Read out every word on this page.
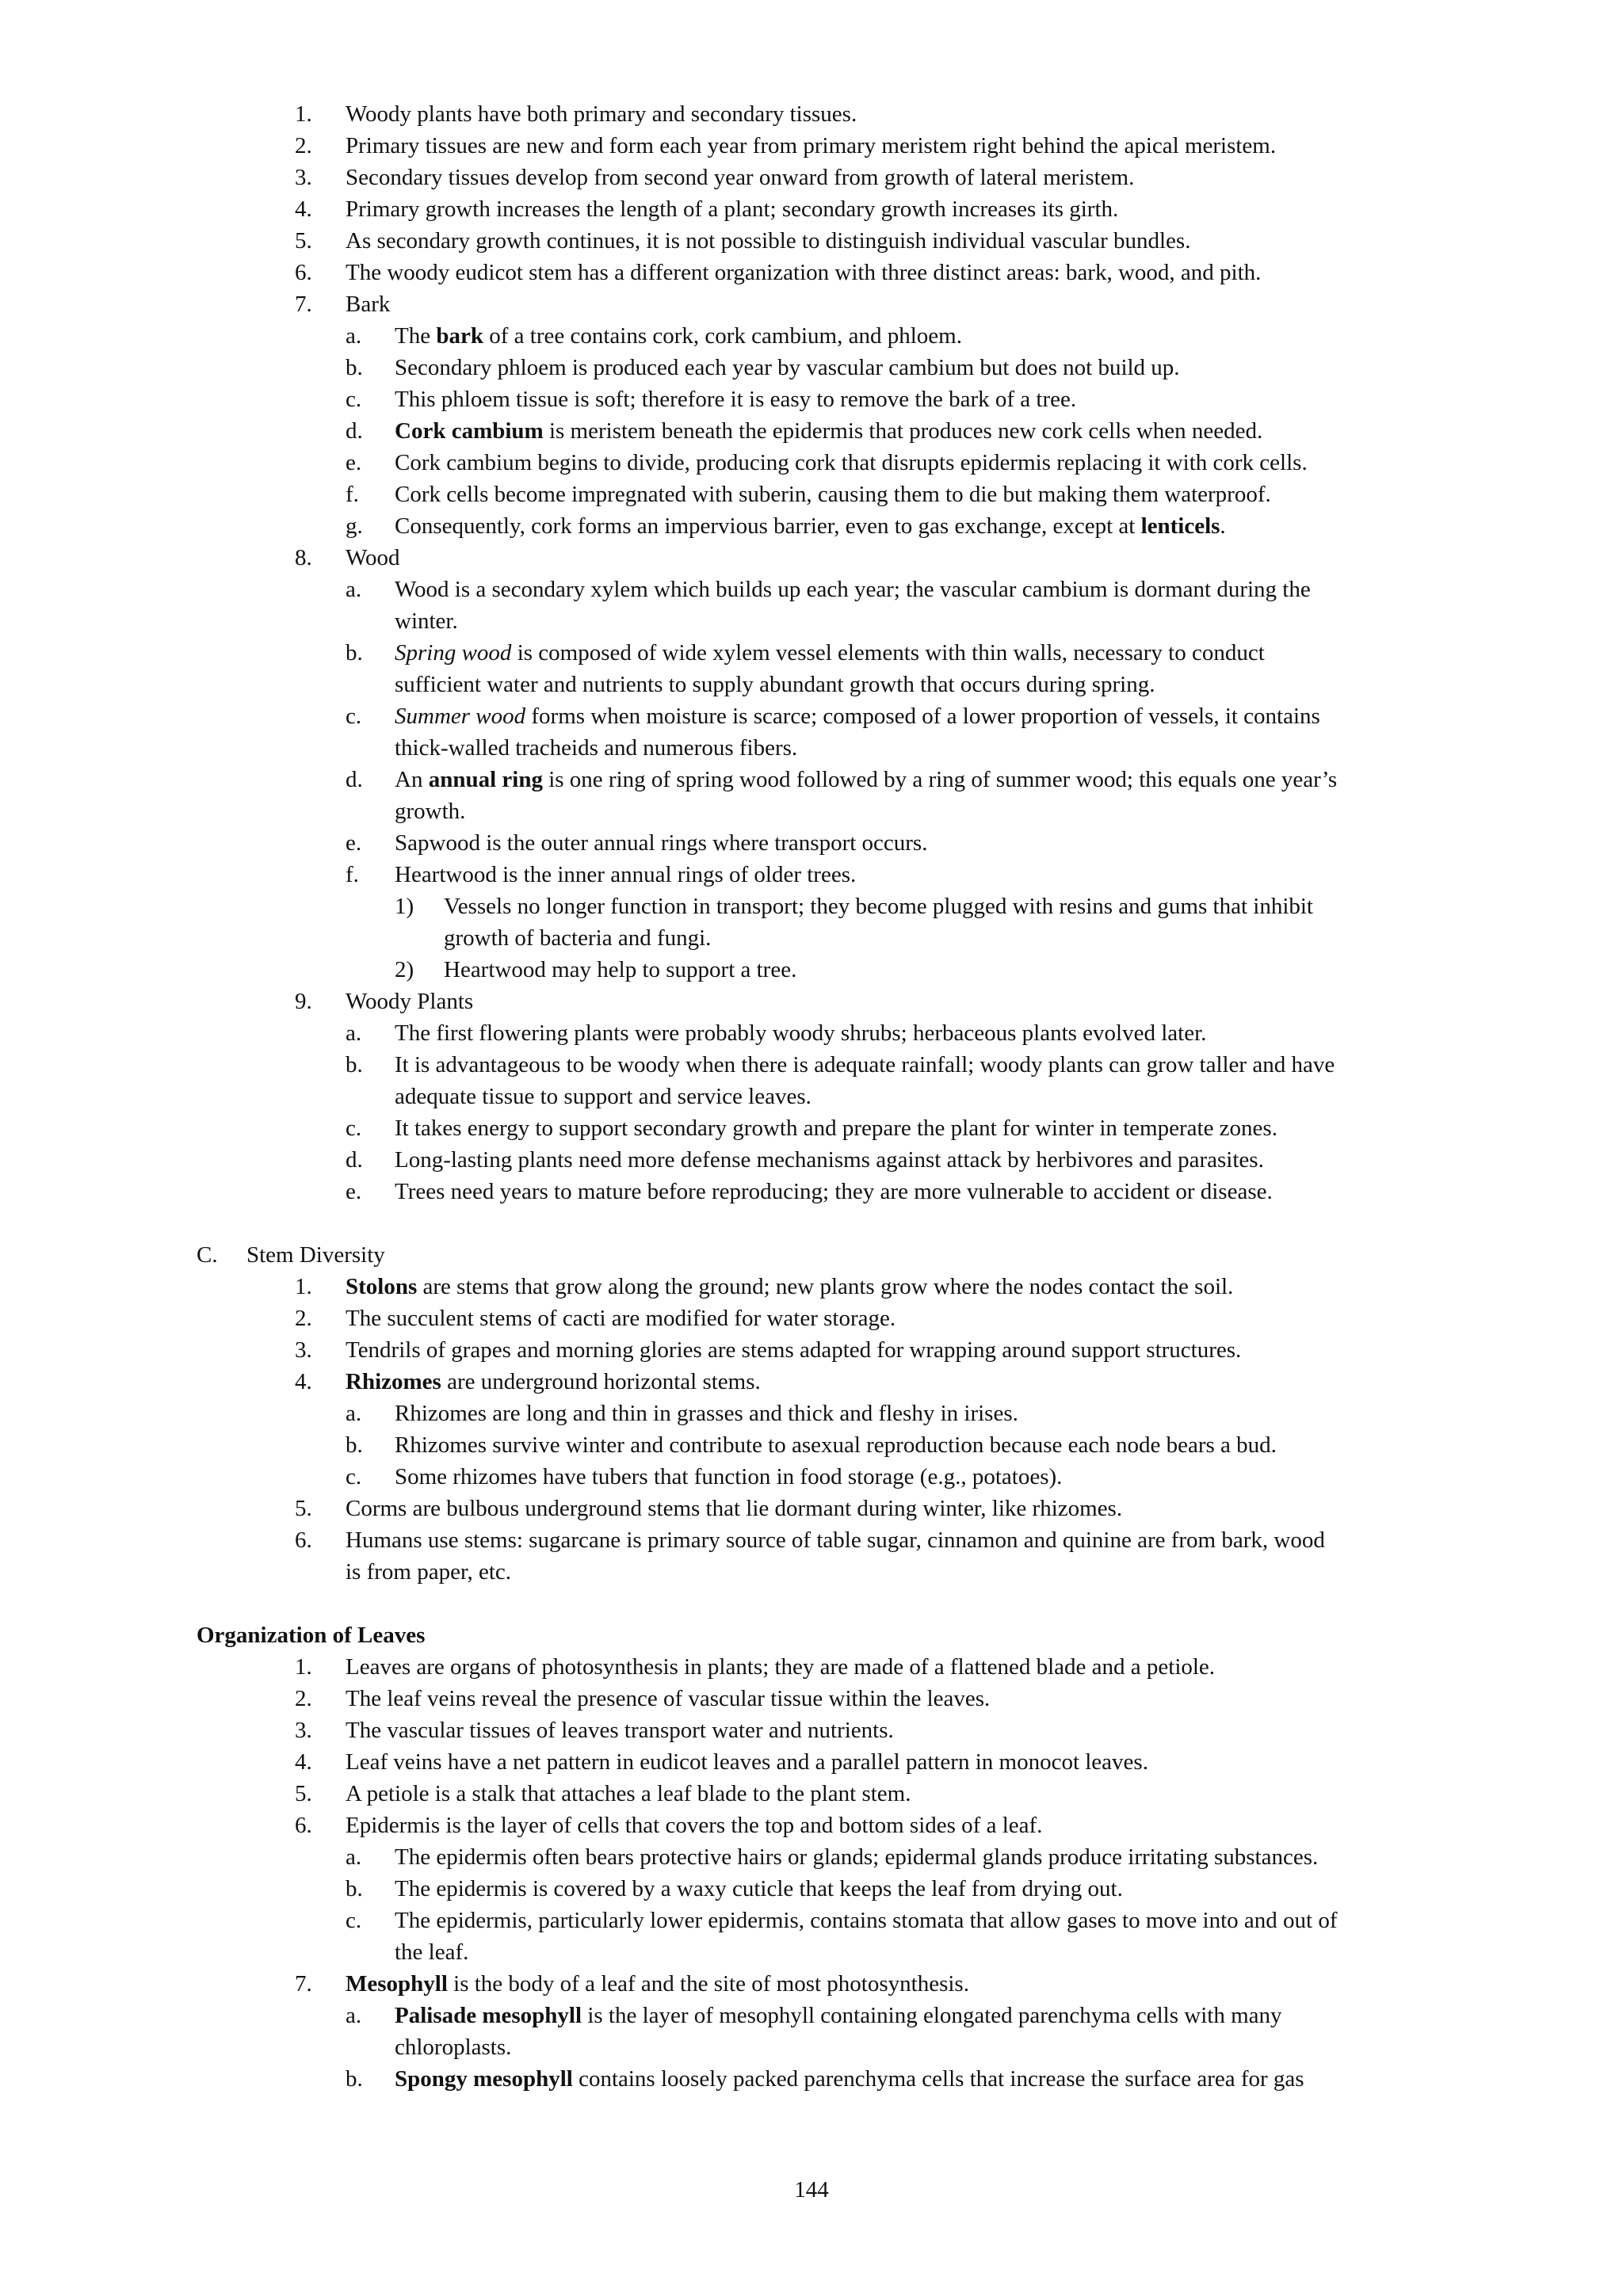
1. Woody plants have both primary and secondary tissues.
2. Primary tissues are new and form each year from primary meristem right behind the apical meristem.
3. Secondary tissues develop from second year onward from growth of lateral meristem.
4. Primary growth increases the length of a plant; secondary growth increases its girth.
5. As secondary growth continues, it is not possible to distinguish individual vascular bundles.
6. The woody eudicot stem has a different organization with three distinct areas: bark, wood, and pith.
7. Bark
a. The bark of a tree contains cork, cork cambium, and phloem.
b. Secondary phloem is produced each year by vascular cambium but does not build up.
c. This phloem tissue is soft; therefore it is easy to remove the bark of a tree.
d. Cork cambium is meristem beneath the epidermis that produces new cork cells when needed.
e. Cork cambium begins to divide, producing cork that disrupts epidermis replacing it with cork cells.
f. Cork cells become impregnated with suberin, causing them to die but making them waterproof.
g. Consequently, cork forms an impervious barrier, even to gas exchange, except at lenticels.
8. Wood
a. Wood is a secondary xylem which builds up each year; the vascular cambium is dormant during the
winter.
b. Spring wood is composed of wide xylem vessel elements with thin walls, necessary to conduct
sufficient water and nutrients to supply abundant growth that occurs during spring.
c. Summer wood forms when moisture is scarce; composed of a lower proportion of vessels, it contains
thick-walled tracheids and numerous fibers.
d. An annual ring is one ring of spring wood followed by a ring of summer wood; this equals one year’s
growth.
e. Sapwood is the outer annual rings where transport occurs.
f. Heartwood is the inner annual rings of older trees.
1) Vessels no longer function in transport; they become plugged with resins and gums that inhibit
growth of bacteria and fungi.
2) Heartwood may help to support a tree.
9. Woody Plants
a. The first flowering plants were probably woody shrubs; herbaceous plants evolved later.
b. It is advantageous to be woody when there is adequate rainfall; woody plants can grow taller and have
adequate tissue to support and service leaves.
c. It takes energy to support secondary growth and prepare the plant for winter in temperate zones.
d. Long-lasting plants need more defense mechanisms against attack by herbivores and parasites.
e. Trees need years to mature before reproducing; they are more vulnerable to accident or disease.
C. Stem Diversity
1. Stolons are stems that grow along the ground; new plants grow where the nodes contact the soil.
2. The succulent stems of cacti are modified for water storage.
3. Tendrils of grapes and morning glories are stems adapted for wrapping around support structures.
4. Rhizomes are underground horizontal stems.
a. Rhizomes are long and thin in grasses and thick and fleshy in irises.
b. Rhizomes survive winter and contribute to asexual reproduction because each node bears a bud.
c. Some rhizomes have tubers that function in food storage (e.g., potatoes).
5. Corms are bulbous underground stems that lie dormant during winter, like rhizomes.
6. Humans use stems: sugarcane is primary source of table sugar, cinnamon and quinine are from bark, wood
is from paper, etc.
Organization of Leaves
1. Leaves are organs of photosynthesis in plants; they are made of a flattened blade and a petiole.
2. The leaf veins reveal the presence of vascular tissue within the leaves.
3. The vascular tissues of leaves transport water and nutrients.
4. Leaf veins have a net pattern in eudicot leaves and a parallel pattern in monocot leaves.
5. A petiole is a stalk that attaches a leaf blade to the plant stem.
6. Epidermis is the layer of cells that covers the top and bottom sides of a leaf.
a. The epidermis often bears protective hairs or glands; epidermal glands produce irritating substances.
b. The epidermis is covered by a waxy cuticle that keeps the leaf from drying out.
c. The epidermis, particularly lower epidermis, contains stomata that allow gases to move into and out of
the leaf.
7. Mesophyll is the body of a leaf and the site of most photosynthesis.
a. Palisade mesophyll is the layer of mesophyll containing elongated parenchyma cells with many
chloroplasts.
b. Spongy mesophyll contains loosely packed parenchyma cells that increase the surface area for gas
144
